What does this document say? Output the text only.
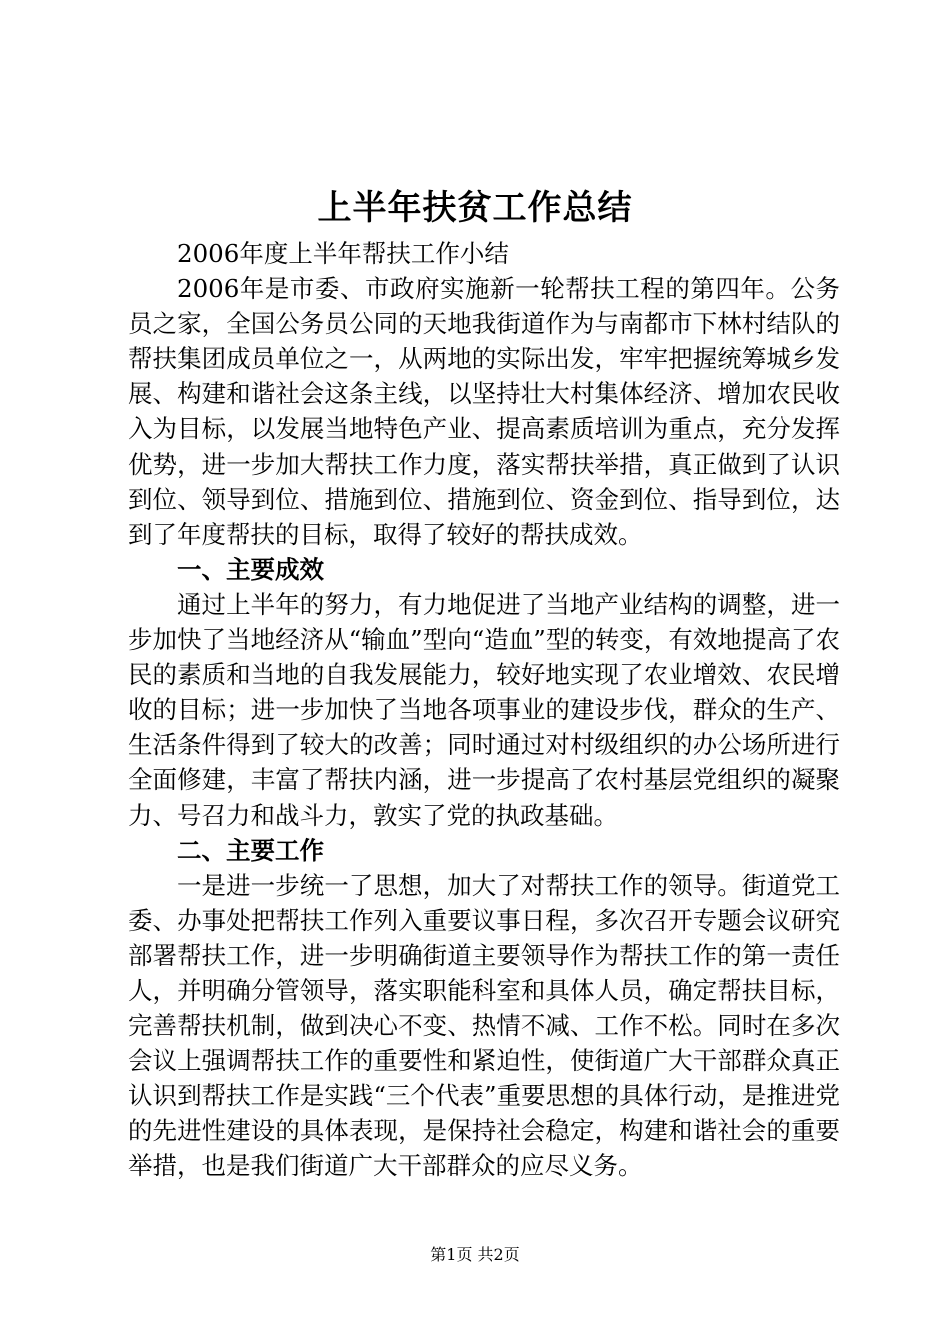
上半年扶贫工作总结

2006年度上半年帮扶工作小结

2006年是市委、市政府实施新一轮帮扶工程的第四年。公务员之家，全国公务员公同的天地我街道作为与南都市下林村结队的帮扶集团成员单位之一，从两地的实际出发，牢牢把握统筹城乡发展、构建和谐社会这条主线，以坚持壮大村集体经济、增加农民收入为目标，以发展当地特色产业、提高素质培训为重点，充分发挥优势，进一步加大帮扶工作力度，落实帮扶举措，真正做到了认识到位、领导到位、措施到位、措施到位、资金到位、指导到位，达到了年度帮扶的目标，取得了较好的帮扶成效。

一、主要成效

通过上半年的努力，有力地促进了当地产业结构的调整，进一步加快了当地经济从“输血”型向“造血”型的转变，有效地提高了农民的素质和当地的自我发展能力，较好地实现了农业增效、农民增收的目标；进一步加快了当地各项事业的建设步伐，群众的生产、生活条件得到了较大的改善；同时通过对村级组织的办公场所进行全面修建，丰富了帮扶内涵，进一步提高了农村基层党组织的凝聚力、号召力和战斗力，敦实了党的执政基础。

二、主要工作

一是进一步统一了思想，加大了对帮扶工作的领导。街道党工委、办事处把帮扶工作列入重要议事日程，多次召开专题会议研究部署帮扶工作，进一步明确街道主要领导作为帮扶工作的第一责任人，并明确分管领导，落实职能科室和具体人员，确定帮扶目标，完善帮扶机制，做到决心不变、热情不减、工作不松。同时在多次会议上强调帮扶工作的重要性和紧迫性，使街道广大干部群众真正认识到帮扶工作是实践“三个代表”重要思想的具体行动，是推进党的先进性建设的具体表现，是保持社会稳定，构建和谐社会的重要举措，也是我们街道广大干部群众的应尽义务。

第1页 共2页
